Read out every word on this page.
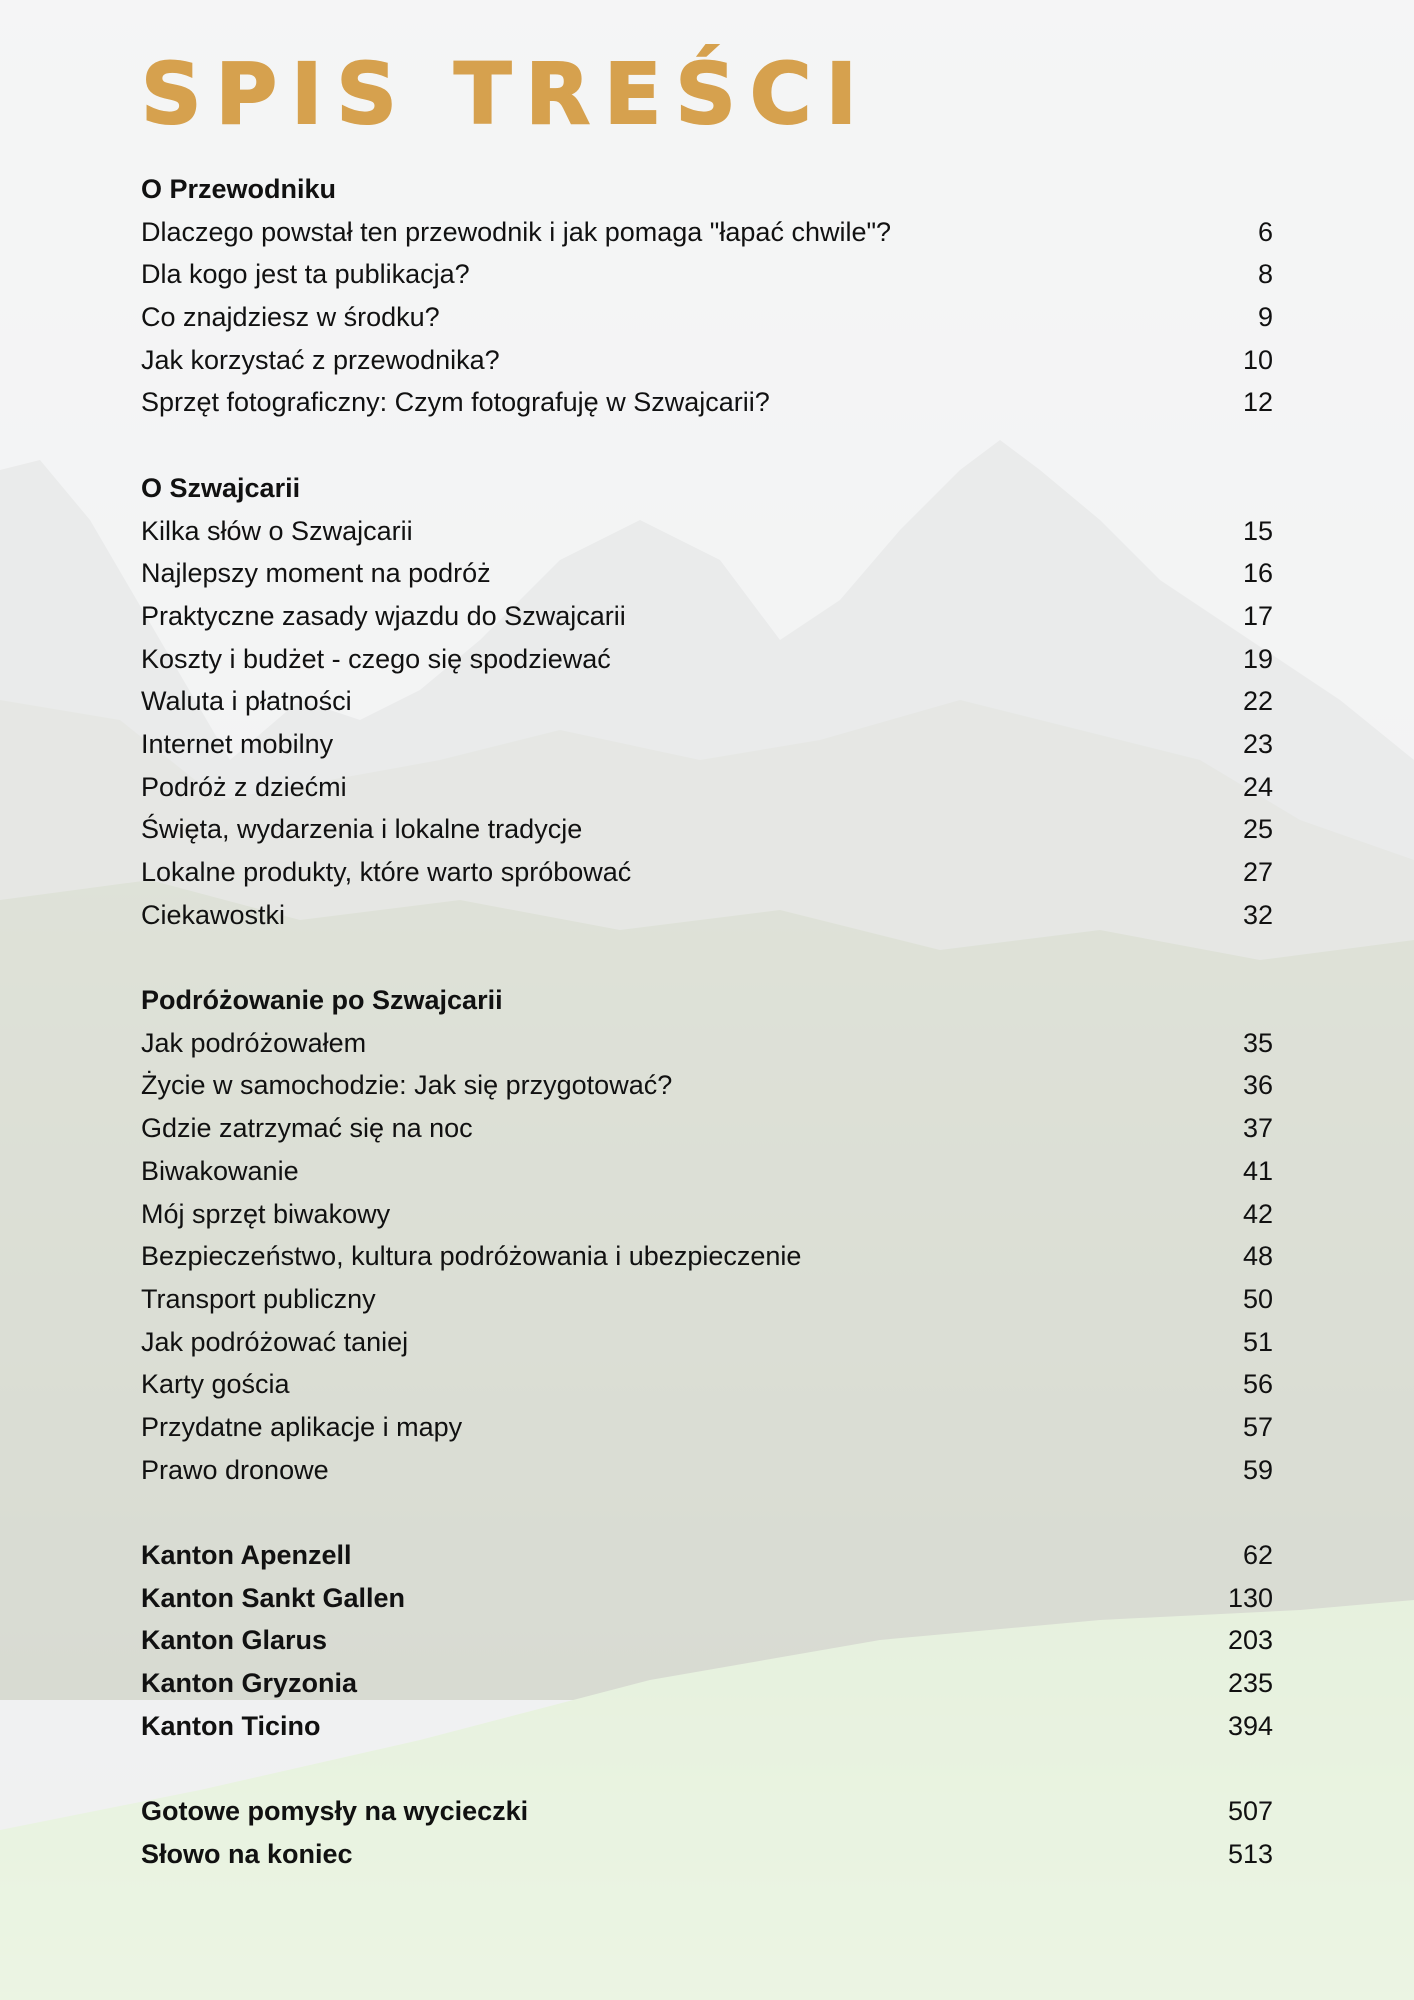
SPIS TREŚCI
O Przewodniku
Dlaczego powstał ten przewodnik i jak pomaga "łapać chwile"?	6
Dla kogo jest ta publikacja?	8
Co znajdziesz w środku?	9
Jak korzystać z przewodnika?	10
Sprzęt fotograficzny: Czym fotografuję w Szwajcarii?	12
O Szwajcarii
Kilka słów o Szwajcarii	15
Najlepszy moment na podróż	16
Praktyczne zasady wjazdu do Szwajcarii	17
Koszty i budżet - czego się spodziewać	19
Waluta i płatności	22
Internet mobilny	23
Podróż z dziećmi	24
Święta, wydarzenia i lokalne tradycje	25
Lokalne produkty, które warto spróbować	27
Ciekawostki	32
Podróżowanie po Szwajcarii
Jak podróżowałem	35
Życie w samochodzie: Jak się przygotować?	36
Gdzie zatrzymać się na noc	37
Biwakowanie	41
Mój sprzęt biwakowy	42
Bezpieczeństwo, kultura podróżowania i ubezpieczenie	48
Transport publiczny	50
Jak podróżować taniej	51
Karty gościa	56
Przydatne aplikacje i mapy	57
Prawo dronowe	59
Kanton Apenzell	62
Kanton Sankt Gallen	130
Kanton Glarus	203
Kanton Gryzonia	235
Kanton Ticino	394
Gotowe pomysły na wycieczki	507
Słowo na koniec	513
